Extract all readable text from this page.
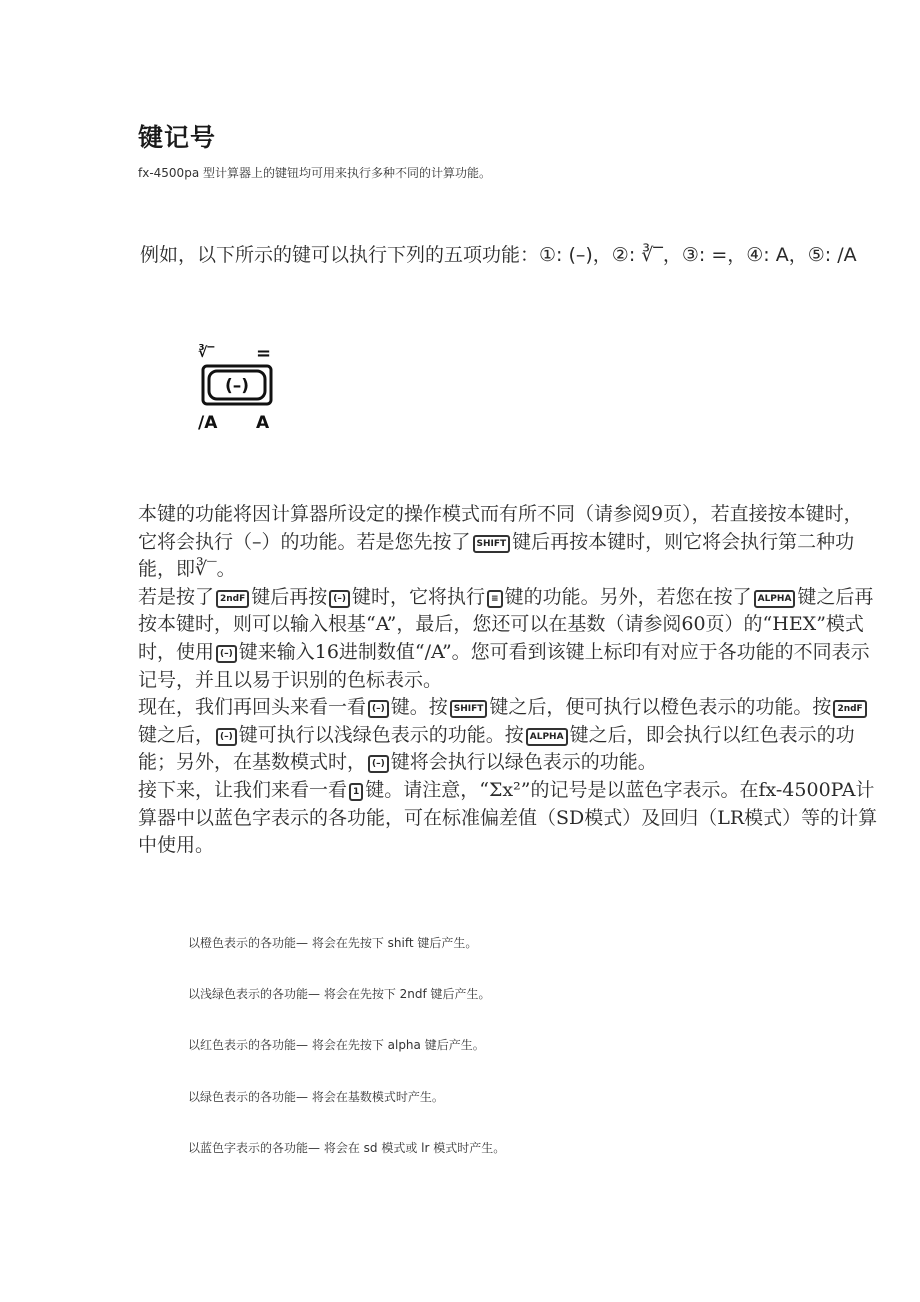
键记号
fx-4500pa 型计算器上的键钮均可用来执行多种不同的计算功能。
例如，以下所示的键可以执行下列的五项功能：①: (–)，②: ∛‾，③: =，④: A，⑤: /A
∛‾ =
(–)
/A A

本键的功能将因计算器所设定的操作模式而有所不同（请参阅9页），若直接按本键时，它将会执行（–）的功能。若是您先按了 SHIFT 键后再按本键时，则它将会执行第二种功能，即∛‾。

若是按了 2ndF 键后再按 (–) 键时，它将执行 ≡ 键的功能。另外，若您在按了 ALPHA 键之后再按本键时，则可以输入根基“A”，最后，您还可以在基数（请参阅60页）的“HEX”模式时，使用 (–) 键来输入16进制数值“/A”。您可看到该键上标印有对应于各功能的不同表示记号，并且以易于识别的色标表示。

现在，我们再回头来看一看 (–) 键。按 SHIFT 键之后，便可执行以橙色表示的功能。按 2ndF键之后， (–) 键可执行以浅绿色表示的功能。按 ALPHA 键之后，即会执行以红色表示的功能；另外，在基数模式时， (–) 键将会执行以绿色表示的功能。

接下来，让我们来看一看 1 键。请注意，“Σx²”的记号是以蓝色字表示。在fx-4500PA计算器中以蓝色字表示的各功能，可在标准偏差值（SD模式）及回归（LR模式）等的计算中使用。

以橙色表示的各功能— 将会在先按下 shift 键后产生。
以浅绿色表示的各功能— 将会在先按下 2ndf 键后产生。
以红色表示的各功能— 将会在先按下 alpha 键后产生。
以绿色表示的各功能— 将会在基数模式时产生。
以蓝色字表示的各功能— 将会在 sd 模式或 lr 模式时产生。
